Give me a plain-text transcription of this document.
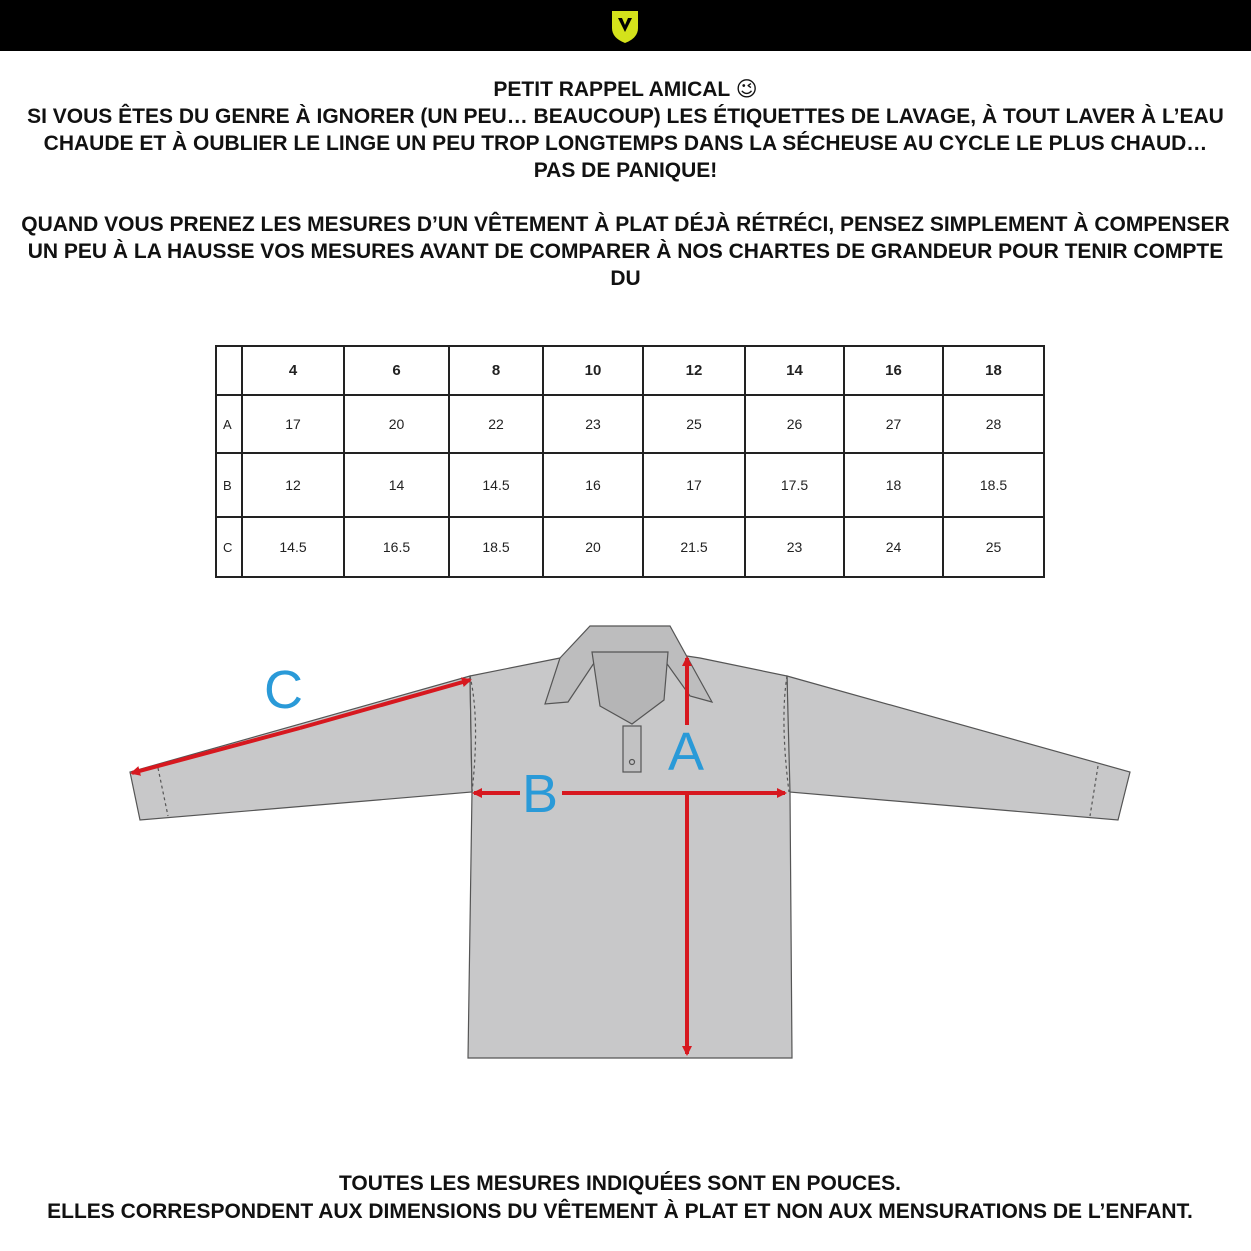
PETIT RAPPEL AMICAL 😉

SI VOUS ÊTES DU GENRE À IGNORER (UN PEU… BEAUCOUP) LES ÉTIQUETTES DE LAVAGE, À TOUT LAVER À L’EAU CHAUDE ET À OUBLIER LE LINGE UN PEU TROP LONGTEMPS DANS LA SÉCHEUSE AU CYCLE LE PLUS CHAUD… PAS DE PANIQUE!

QUAND VOUS PRENEZ LES MESURES D’UN VÊTEMENT À PLAT DÉJÀ RÉTRÉCI, PENSEZ SIMPLEMENT À COMPENSER UN PEU À LA HAUSSE VOS MESURES AVANT DE COMPARER À NOS CHARTES DE GRANDEUR POUR TENIR COMPTE DU

	4	6	8	10	12	14	16	18
A	17	20	22	23	25	26	27	28
B	12	14	14.5	16	17	17.5	18	18.5
C	14.5	16.5	18.5	20	21.5	23	24	25
A
B
C

TOUTES LES MESURES INDIQUÉES SONT EN POUCES.

ELLES CORRESPONDENT AUX DIMENSIONS DU VÊTEMENT À PLAT ET NON AUX MENSURATIONS DE L’ENFANT.
